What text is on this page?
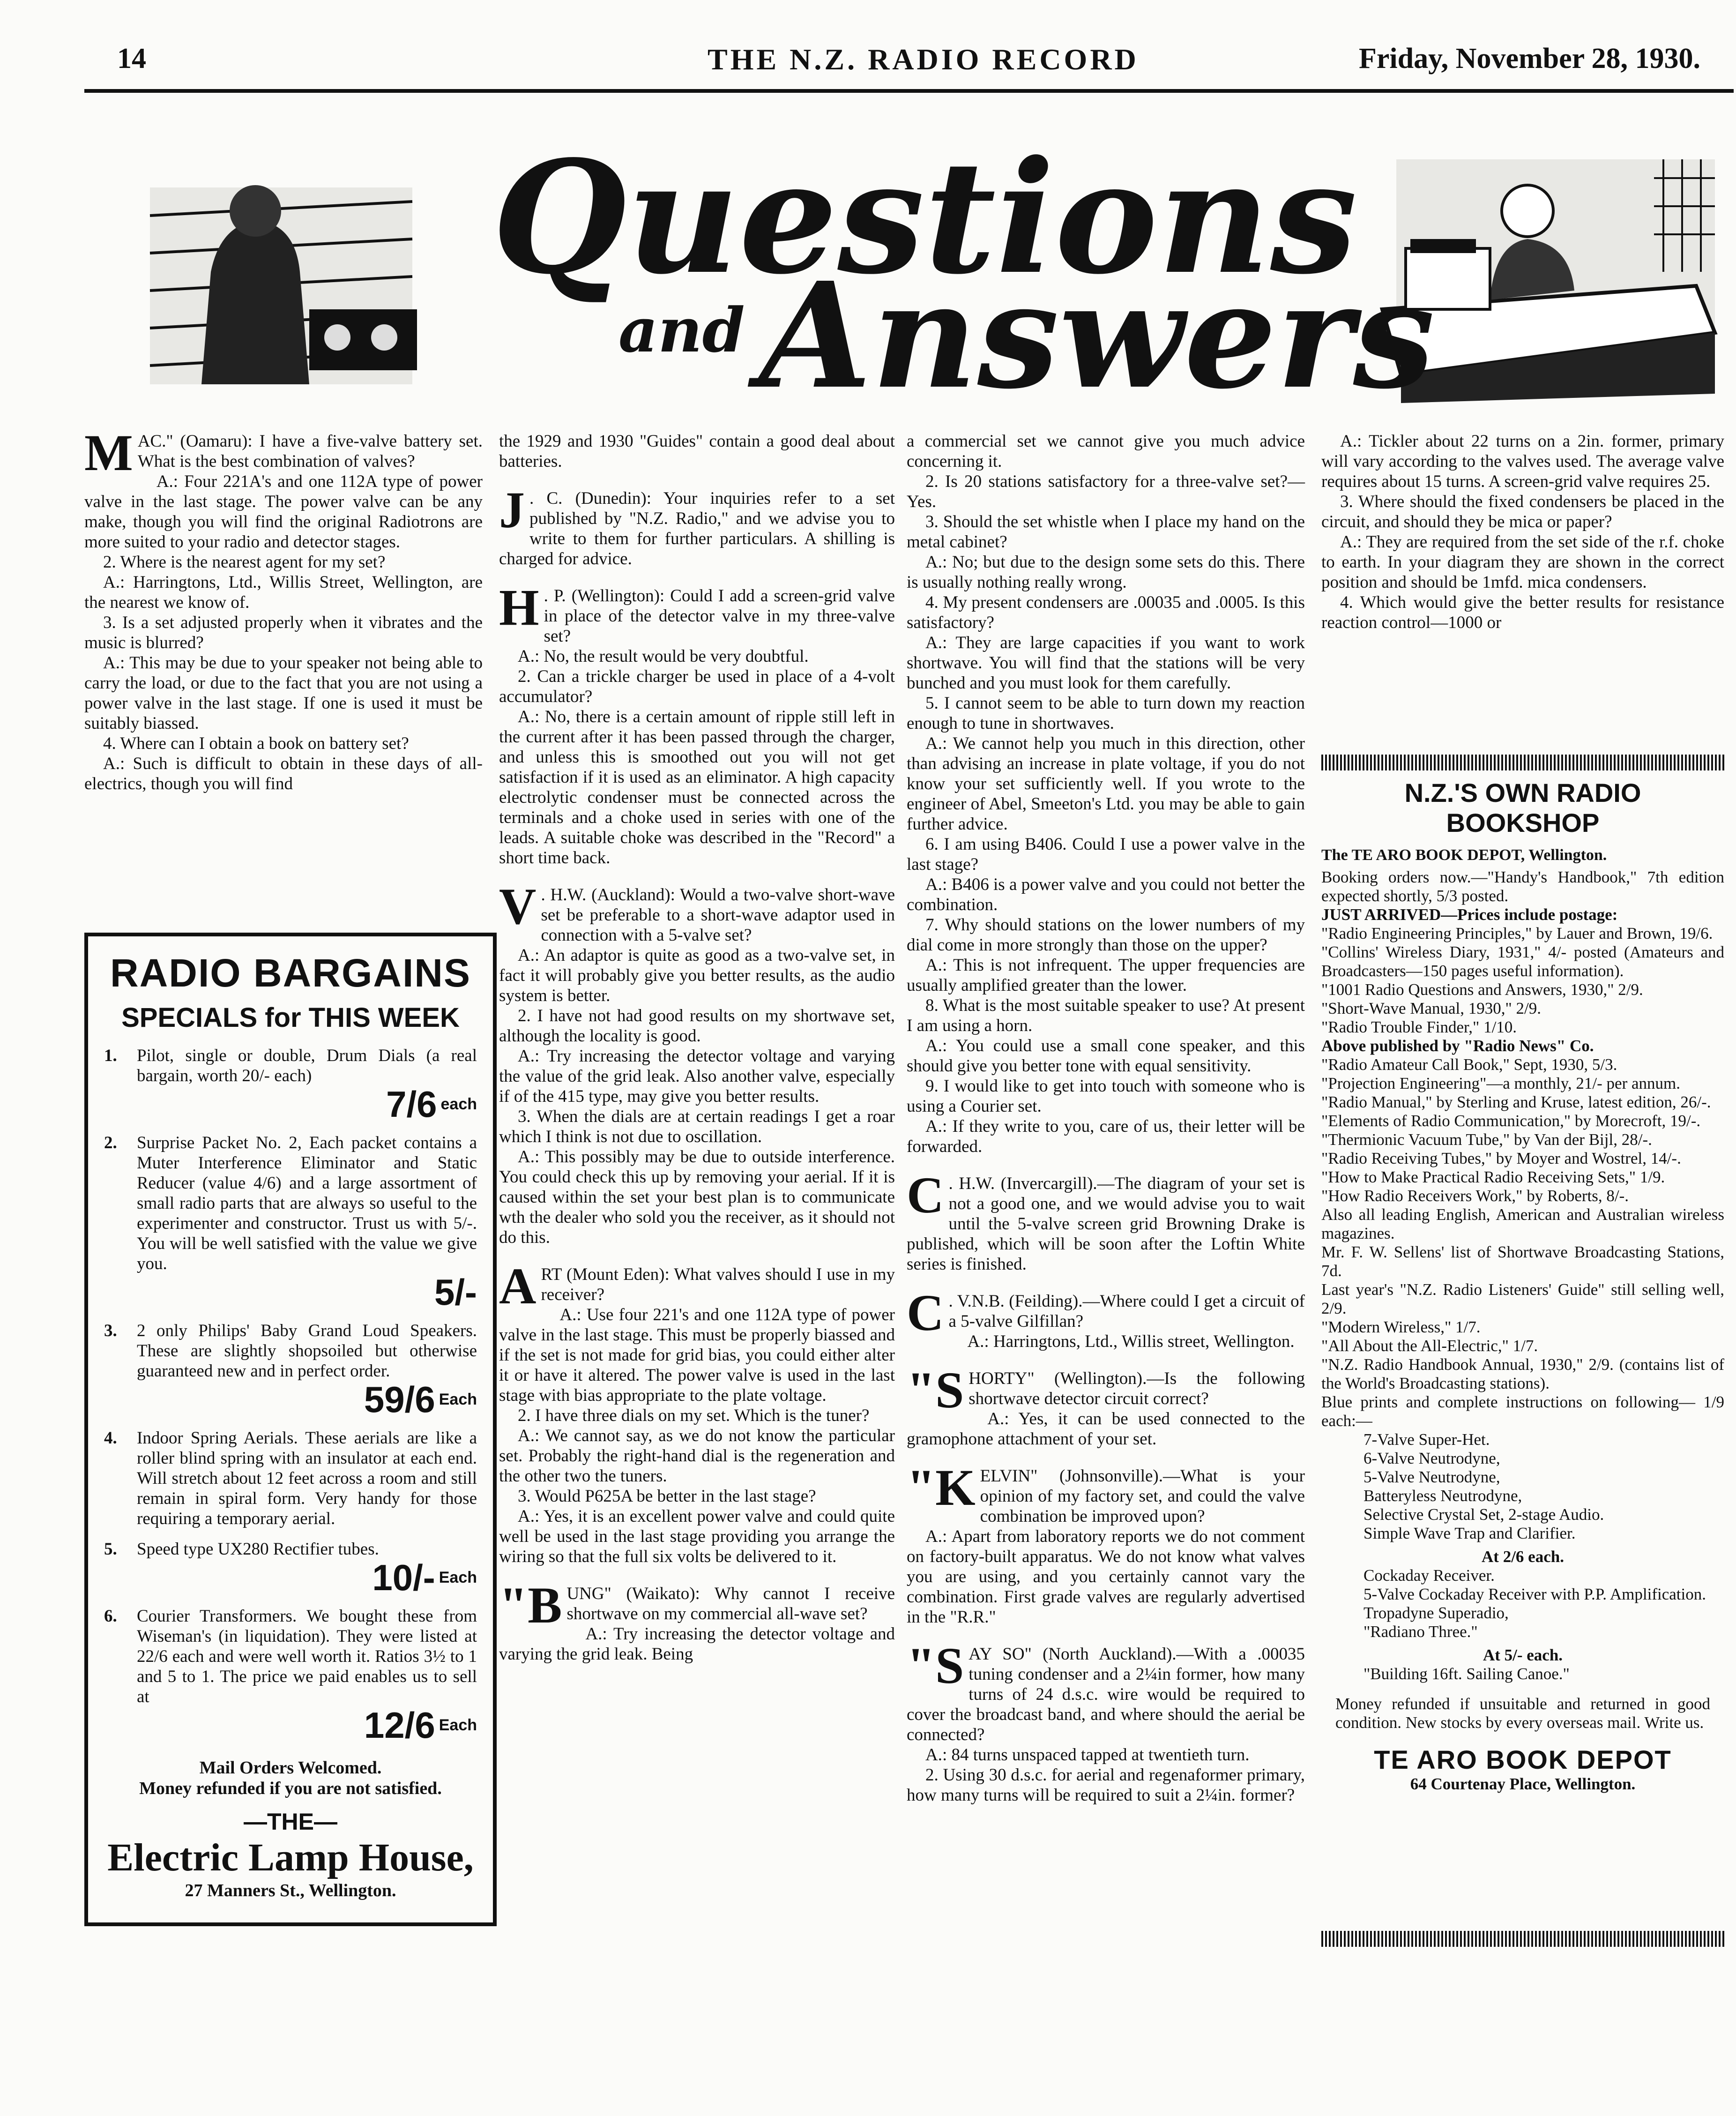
14	THE N.Z. RADIO RECORD	Friday, November 28, 1930.
Questions
and Answers

MAC." (Oamaru): I have a five-valve battery set. What is the best combination of valves?

A.: Four 221A's and one 112A type of power valve in the last stage. The power valve can be any make, though you will find the original Radiotrons are more suited to your radio and detector stages.

2. Where is the nearest agent for my set?

A.: Harringtons, Ltd., Willis Street, Wellington, are the nearest we know of.

3. Is a set adjusted properly when it vibrates and the music is blurred?

A.: This may be due to your speaker not being able to carry the load, or due to the fact that you are not using a power valve in the last stage. If one is used it must be suitably biassed.

4. Where can I obtain a book on battery set?

A.: Such is difficult to obtain in these days of all-electrics, though you will find

the 1929 and 1930 "Guides" contain a good deal about batteries.

J . C. (Dunedin): Your inquiries refer to a set published by "N.Z. Radio," and we advise you to write to them for further particulars. A shilling is charged for advice.

H . P. (Wellington): Could I add a screen-grid valve in place of the detector valve in my three-valve set?

A.: No, the result would be very doubtful.

2. Can a trickle charger be used in place of a 4-volt accumulator?

A.: No, there is a certain amount of ripple still left in the current after it has been passed through the charger, and unless this is smoothed out you will not get satisfaction if it is used as an eliminator. A high capacity electrolytic condenser must be connected across the terminals and a choke used in series with one of the leads. A suitable choke was described in the "Record" a short time back.

V . H.W. (Auckland): Would a two-valve short-wave set be preferable to a short-wave adaptor used in connection with a 5-valve set?

A.: An adaptor is quite as good as a two-valve set, in fact it will probably give you better results, as the audio system is better.

2. I have not had good results on my shortwave set, although the locality is good.

A.: Try increasing the detector voltage and varying the value of the grid leak. Also another valve, especially if of the 415 type, may give you better results.

3. When the dials are at certain readings I get a roar which I think is not due to oscillation.

A.: This possibly may be due to outside interference. You could check this up by removing your aerial. If it is caused within the set your best plan is to communicate wth the dealer who sold you the receiver, as it should not do this.

ART (Mount Eden): What valves should I use in my receiver?

A.: Use four 221's and one 112A type of power valve in the last stage. This must be properly biassed and if the set is not made for grid bias, you could either alter it or have it altered. The power valve is used in the last stage with bias appropriate to the plate voltage.

2. I have three dials on my set. Which is the tuner?

A.: We cannot say, as we do not know the particular set. Probably the right-hand dial is the regeneration and the other two the tuners.

3. Would P625A be better in the last stage?

A.: Yes, it is an excellent power valve and could quite well be used in the last stage providing you arrange the wiring so that the full six volts be delivered to it.

"BUNG" (Waikato): Why cannot I receive shortwave on my commercial all-wave set?

A.: Try increasing the detector voltage and varying the grid leak. Being

a commercial set we cannot give you much advice concerning it.

2. Is 20 stations satisfactory for a three-valve set?—Yes.

3. Should the set whistle when I place my hand on the metal cabinet?

A.: No; but due to the design some sets do this. There is usually nothing really wrong.

4. My present condensers are .00035 and .0005. Is this satisfactory?

A.: They are large capacities if you want to work shortwave. You will find that the stations will be very bunched and you must look for them carefully.

5. I cannot seem to be able to turn down my reaction enough to tune in shortwaves.

A.: We cannot help you much in this direction, other than advising an increase in plate voltage, if you do not know your set sufficiently well. If you wrote to the engineer of Abel, Smeeton's Ltd. you may be able to gain further advice.

6. I am using B406. Could I use a power valve in the last stage?

A.: B406 is a power valve and you could not better the combination.

7. Why should stations on the lower numbers of my dial come in more strongly than those on the upper?

A.: This is not infrequent. The upper frequencies are usually amplified greater than the lower.

8. What is the most suitable speaker to use? At present I am using a horn.

A.: You could use a small cone speaker, and this should give you better tone with equal sensitivity.

9. I would like to get into touch with someone who is using a Courier set.

A.: If they write to you, care of us, their letter will be forwarded.

C . H.W. (Invercargill).—The diagram of your set is not a good one, and we would advise you to wait until the 5-valve screen grid Browning Drake is published, which will be soon after the Loftin White series is finished.

C . V.N.B. (Feilding).—Where could I get a circuit of a 5-valve Gilfillan?

A.: Harringtons, Ltd., Willis street, Wellington.

"SHORTY" (Wellington).—Is the following shortwave detector circuit correct?

A.: Yes, it can be used connected to the gramophone attachment of your set.

"KELVIN" (Johnsonville).—What is your opinion of my factory set, and could the valve combination be improved upon?

A.: Apart from laboratory reports we do not comment on factory-built apparatus. We do not know what valves you are using, and you certainly cannot vary the combination. First grade valves are regularly advertised in the "R.R."

"SAY SO" (North Auckland).—With a .00035 tuning condenser and a 2¼in former, how many turns of 24 d.s.c. wire would be required to cover the broadcast band, and where should the aerial be connected?

A.: 84 turns unspaced tapped at twentieth turn.

2. Using 30 d.s.c. for aerial and regenaformer primary, how many turns will be required to suit a 2¼in. former?

A.: Tickler about 22 turns on a 2in. former, primary will vary according to the valves used. The average valve requires about 15 turns. A screen-grid valve requires 25.

3. Where should the fixed condensers be placed in the circuit, and should they be mica or paper?

A.: They are required from the set side of the r.f. choke to earth. In your diagram they are shown in the correct position and should be 1mfd. mica condensers.

4. Which would give the better results for resistance reaction control—1000 or

RADIO BARGAINS
SPECIALS for THIS WEEK
1. Pilot, single or double, Drum Dials (a real bargain, worth 20/- each)
7/6 $^{each}$
2. Surprise Packet No. 2, Each packet contains a Muter Interference Eliminator and Static Reducer (value 4/6) and a large assortment of small radio parts that are always so useful to the experimenter and constructor. Trust us with 5/-. You will be well satisfied with the value we give you.
5/-
3. 2 only Philips' Baby Grand Loud Speakers. These are slightly shopsoiled but otherwise guaranteed new and in perfect order.
59/6 $^{Each}$
4. Indoor Spring Aerials. These aerials are like a roller blind spring with an insulator at each end. Will stretch about 12 feet across a room and still remain in spiral form. Very handy for those requiring a temporary aerial.
5. Speed type UX280 Rectifier tubes.
10/- $^{Each}$
6. Courier Transformers. We bought these from Wiseman's (in liquidation). They were listed at 22/6 each and were well worth it. Ratios 3½ to 1 and 5 to 1. The price we paid enables us to sell at
12/6 $^{Each}$
Mail Orders Welcomed.
Money refunded if you are not satisfied.
—THE—
Electric Lamp House,
27 Manners St., Wellington.
N.Z.'S OWN RADIO
BOOKSHOP
The TE ARO BOOK DEPOT, Wellington.

Booking orders now.—"Handy's Handbook," 7th edition expected shortly, 5/3 posted.

JUST ARRIVED—Prices include postage:

"Radio Engineering Principles," by Lauer and Brown, 19/6.

"Collins' Wireless Diary, 1931," 4/- posted (Amateurs and Broadcasters—150 pages useful information).

"1001 Radio Questions and Answers, 1930," 2/9.

"Short-Wave Manual, 1930," 2/9.

"Radio Trouble Finder," 1/10.

Above published by "Radio News" Co.

"Radio Amateur Call Book," Sept, 1930, 5/3.

"Projection Engineering"—a monthly, 21/- per annum.

"Radio Manual," by Sterling and Kruse, latest edition, 26/-.

"Elements of Radio Communication," by Morecroft, 19/-.

"Thermionic Vacuum Tube," by Van der Bijl, 28/-.

"Radio Receiving Tubes," by Moyer and Wostrel, 14/-.

"How to Make Practical Radio Receiving Sets," 1/9.

"How Radio Receivers Work," by Roberts, 8/-.

Also all leading English, American and Australian wireless magazines.

Mr. F. W. Sellens' list of Shortwave Broadcasting Stations, 7d.

Last year's "N.Z. Radio Listeners' Guide" still selling well, 2/9.

"Modern Wireless," 1/7.

"All About the All-Electric," 1/7.

"N.Z. Radio Handbook Annual, 1930," 2/9. (contains list of the World's Broadcasting stations).

Blue prints and complete instructions on following— 1/9 each:—

7-Valve Super-Het.

6-Valve Neutrodyne,

5-Valve Neutrodyne,

Batteryless Neutrodyne,

Selective Crystal Set, 2-stage Audio.

Simple Wave Trap and Clarifier.

At 2/6 each.

Cockaday Receiver.

5-Valve Cockaday Receiver with P.P. Amplification.

Tropadyne Superadio,

"Radiano Three."

At 5/- each.

"Building 16ft. Sailing Canoe."

Money refunded if unsuitable and returned in good condition. New stocks by every overseas mail. Write us.

TE ARO BOOK DEPOT

64 Courtenay Place, Wellington.
